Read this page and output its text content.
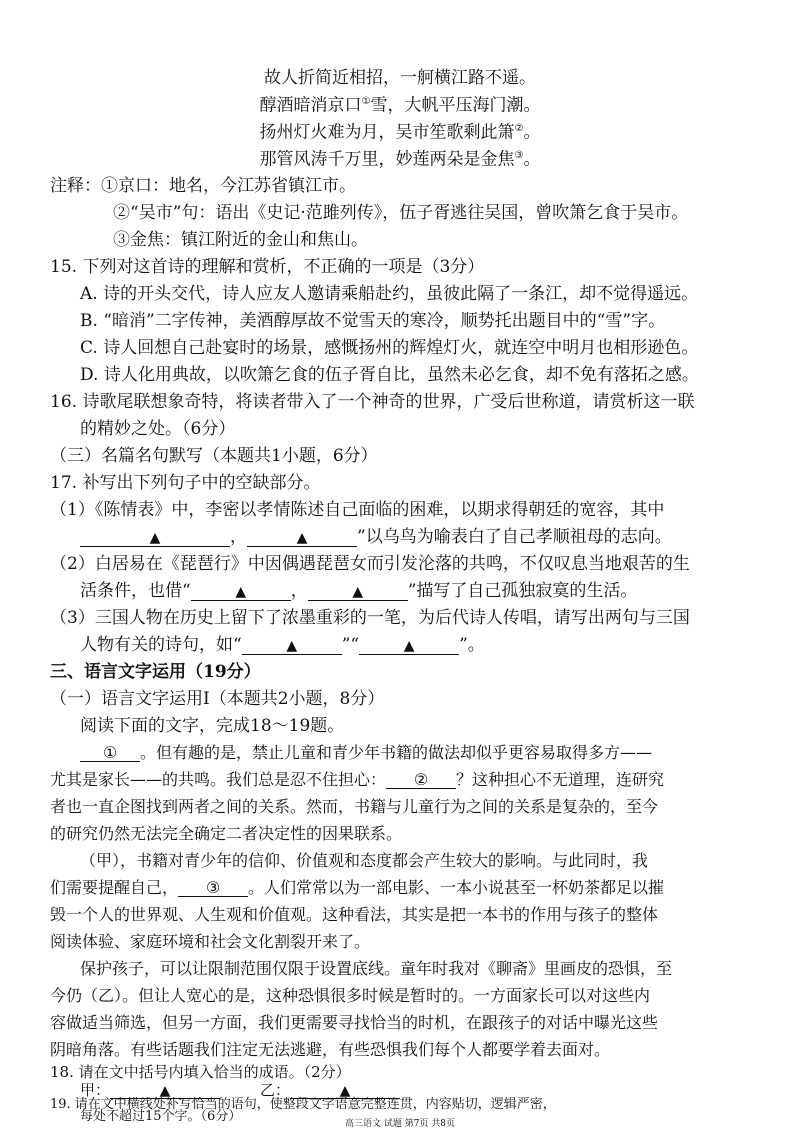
故人折简近相招，一舸横江路不遥。
醇酒暗消京口①雪，大帆平压海门潮。
扬州灯火难为月，吴市笙歌剩此箫②。
那管风涛千万里，妙莲两朵是金焦③。
注释：①京口：地名，今江苏省镇江市。
②“吴市”句：语出《史记·范雎列传》，伍子胥逃往吴国，曾吹箫乞食于吴市。
③金焦：镇江附近的金山和焦山。
15. 下列对这首诗的理解和赏析，不正确的一项是（3分）
A. 诗的开头交代，诗人应友人邀请乘船赴约，虽彼此隔了一条江，却不觉得遥远。
B. “暗消”二字传神，美酒醇厚故不觉雪天的寒冷，顺势托出题目中的“雪”字。
C. 诗人回想自己赴宴时的场景，感慨扬州的辉煌灯火，就连空中明月也相形逊色。
D. 诗人化用典故，以吹箫乞食的伍子胥自比，虽然未必乞食，却不免有落拓之感。
16. 诗歌尾联想象奇特，将读者带入了一个神奇的世界，广受后世称道，请赏析这一联
的精妙之处。（6分）
（三）名篇名句默写（本题共1小题，6分）
17. 补写出下列句子中的空缺部分。
（1）《陈情表》中，李密以孝情陈述自己面临的困难，以期求得朝廷的宽容，其中
▲	，	▲	”以乌鸟为喻表白了自己孝顺祖母的志向。
（2）白居易在《琵琶行》中因偶遇琵琶女而引发沦落的共鸣，不仅叹息当地艰苦的生
活条件，也借“	▲	，	▲	”描写了自己孤独寂寞的生活。
（3）三国人物在历史上留下了浓墨重彩的一笔，为后代诗人传唱，请写出两句与三国
人物有关的诗句，如“	▲	”“	▲	”。
三、语言文字运用（19分）
（一）语言文字运用Ⅰ（本题共2小题，8分）
阅读下面的文字，完成18～19题。
① 。但有趣的是，禁止儿童和青少年书籍的做法却似乎更容易取得多方——
尤其是家长——的共鸣。我们总是忍不住担心： ② ？这种担心不无道理，连研究
者也一直企图找到两者之间的关系。然而，书籍与儿童行为之间的关系是复杂的，至今
的研究仍然无法完全确定二者决定性的因果联系。
（甲），书籍对青少年的信仰、价值观和态度都会产生较大的影响。与此同时，我
们需要提醒自己， ③ 。人们常常以为一部电影、一本小说甚至一杯奶茶都足以摧
毁一个人的世界观、人生观和价值观。这种看法，其实是把一本书的作用与孩子的整体
阅读体验、家庭环境和社会文化割裂开来了。
保护孩子，可以让限制范围仅限于设置底线。童年时我对《聊斋》里画皮的恐惧，至
今仍（乙）。但让人宽心的是，这种恐惧很多时候是暂时的。一方面家长可以对这些内
容做适当筛选，但另一方面，我们更需要寻找恰当的时机，在跟孩子的对话中曝光这些
阴暗角落。有些话题我们注定无法逃避，有些恐惧我们每个人都要学着去面对。
18. 请在文中括号内填入恰当的成语。（2分）
甲：	▲	乙：	▲
19. 请在文中横线处补写恰当的语句，使整段文字语意完整连贯，内容贴切，逻辑严密，
每处不超过15个字。（6分）	高三语文 试题 第7页 共8页
